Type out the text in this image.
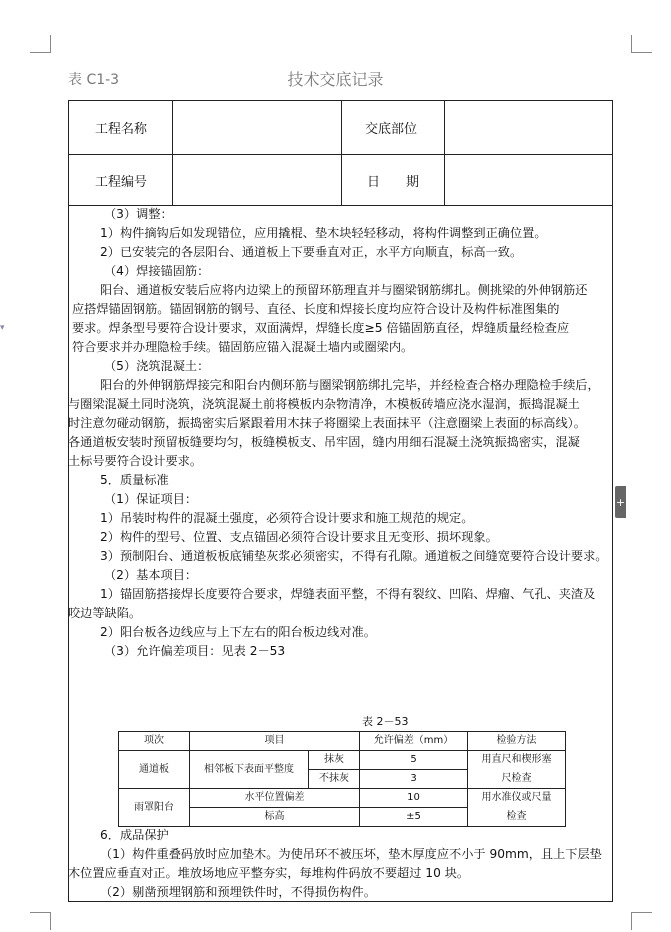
表 C1-3	技术交底记录
工程名称	交底部位
工程编号	日　　期
（3）调整：
1）构件摘钩后如发现错位，应用撬棍、垫木块轻轻移动，将构件调整到正确位置。
2）已安装完的各层阳台、通道板上下要垂直对正，水平方向顺直，标高一致。
（4）焊接锚固筋：
阳台、通道板安装后应将内边梁上的预留环筋理直并与圈梁钢筋绑扎。侧挑梁的外伸钢筋还
应搭焊锚固钢筋。锚固钢筋的钢号、直径、长度和焊接长度均应符合设计及构件标准图集的
要求。焊条型号要符合设计要求，双面满焊，焊缝长度≥5 倍锚固筋直径，焊缝质量经检查应
符合要求并办理隐检手续。锚固筋应锚入混凝土墙内或圈梁内。
（5）浇筑混凝土：
阳台的外伸钢筋焊接完和阳台内侧环筋与圈梁钢筋绑扎完毕，并经检查合格办理隐检手续后，
与圈梁混凝土同时浇筑，浇筑混凝土前将模板内杂物清净，木模板砖墙应浇水湿润，振捣混凝土
时注意勿碰动钢筋，振捣密实后紧跟着用木抹子将圈梁上表面抹平（注意圈梁上表面的标高线）。
各通道板安装时预留板缝要均匀，板缝模板支、吊牢固，缝内用细石混凝土浇筑振捣密实，混凝
土标号要符合设计要求。
5．质量标准
（1）保证项目：
1）吊装时构件的混凝土强度，必须符合设计要求和施工规范的规定。
2）构件的型号、位置、支点锚固必须符合设计要求且无变形、损坏现象。
3）预制阳台、通道板板底铺垫灰浆必须密实，不得有孔隙。通道板之间缝宽要符合设计要求。
（2）基本项目：
1）锚固筋搭接焊长度要符合要求，焊缝表面平整，不得有裂纹、凹陷、焊瘤、气孔、夹渣及
咬边等缺陷。
2）阳台板各边线应与上下左右的阳台板边线对准。
（3）允许偏差项目：见表 2－53
表 2－53
项次	项目		允许偏差（mm）	检验方法
通道板	相邻板下表面平整度	抹灰	5	用直尺和楔形塞
		不抹灰	3	尺检查
雨罩阳台	水平位置偏差		10	用水准仪或尺量
	标高		±5	检查
6．成品保护
（1）构件重叠码放时应加垫木。为使吊环不被压坏，垫木厚度应不小于 90mm，且上下层垫
木位置应垂直对正。堆放场地应平整夯实，每堆构件码放不要超过 10 块。
（2）剔凿预埋钢筋和预埋铁件时，不得损伤构件。
+
▾
